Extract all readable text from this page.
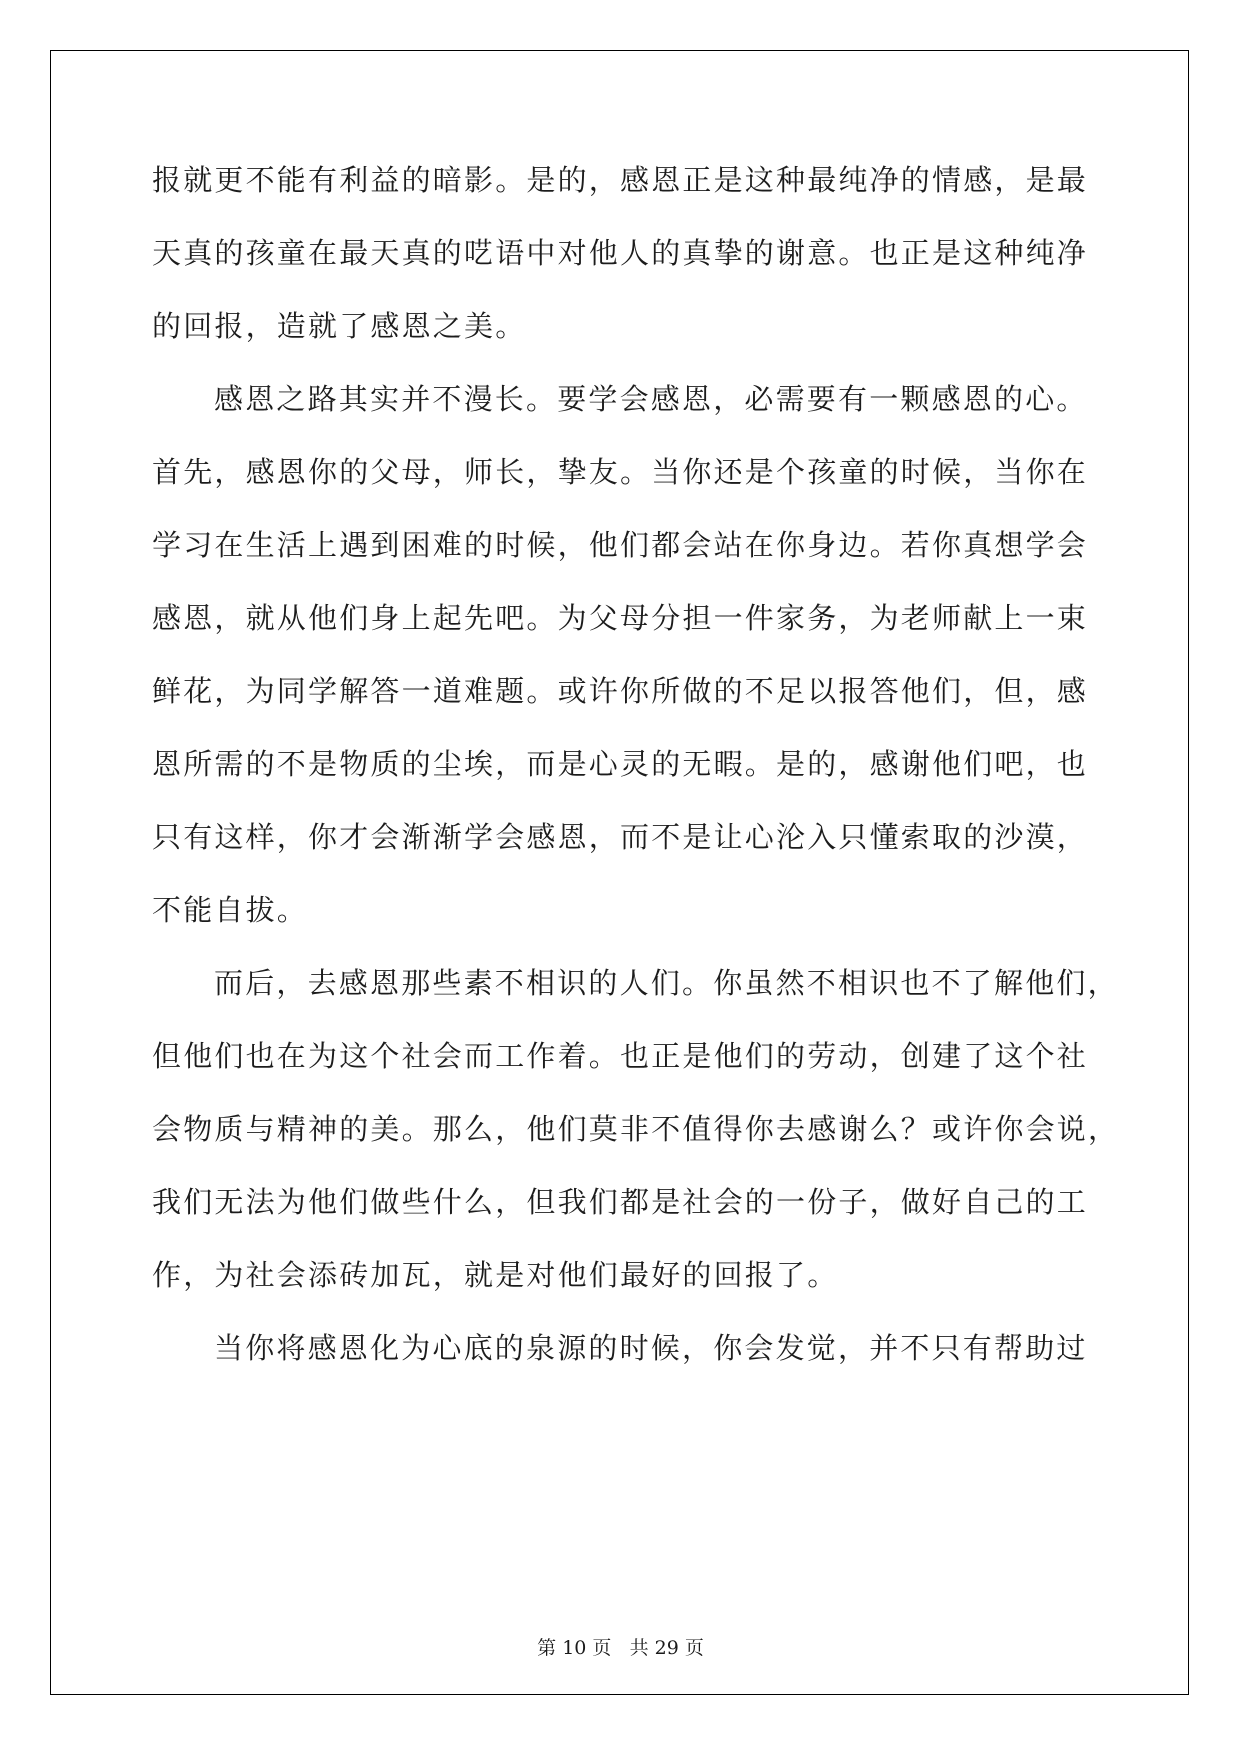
报就更不能有利益的暗影。是的，感恩正是这种最纯净的情感，是最
天真的孩童在最天真的呓语中对他人的真挚的谢意。也正是这种纯净
的回报，造就了感恩之美。
感恩之路其实并不漫长。要学会感恩，必需要有一颗感恩的心。
首先，感恩你的父母，师长，挚友。当你还是个孩童的时候，当你在
学习在生活上遇到困难的时候，他们都会站在你身边。若你真想学会
感恩，就从他们身上起先吧。为父母分担一件家务，为老师献上一束
鲜花，为同学解答一道难题。或许你所做的不足以报答他们，但，感
恩所需的不是物质的尘埃，而是心灵的无暇。是的，感谢他们吧，也
只有这样，你才会渐渐学会感恩，而不是让心沦入只懂索取的沙漠，
不能自拔。
而后，去感恩那些素不相识的人们。你虽然不相识也不了解他们，
但他们也在为这个社会而工作着。也正是他们的劳动，创建了这个社
会物质与精神的美。那么，他们莫非不值得你去感谢么？或许你会说，
我们无法为他们做些什么，但我们都是社会的一份子，做好自己的工
作，为社会添砖加瓦，就是对他们最好的回报了。
当你将感恩化为心底的泉源的时候，你会发觉，并不只有帮助过
第 10 页 共 29 页
